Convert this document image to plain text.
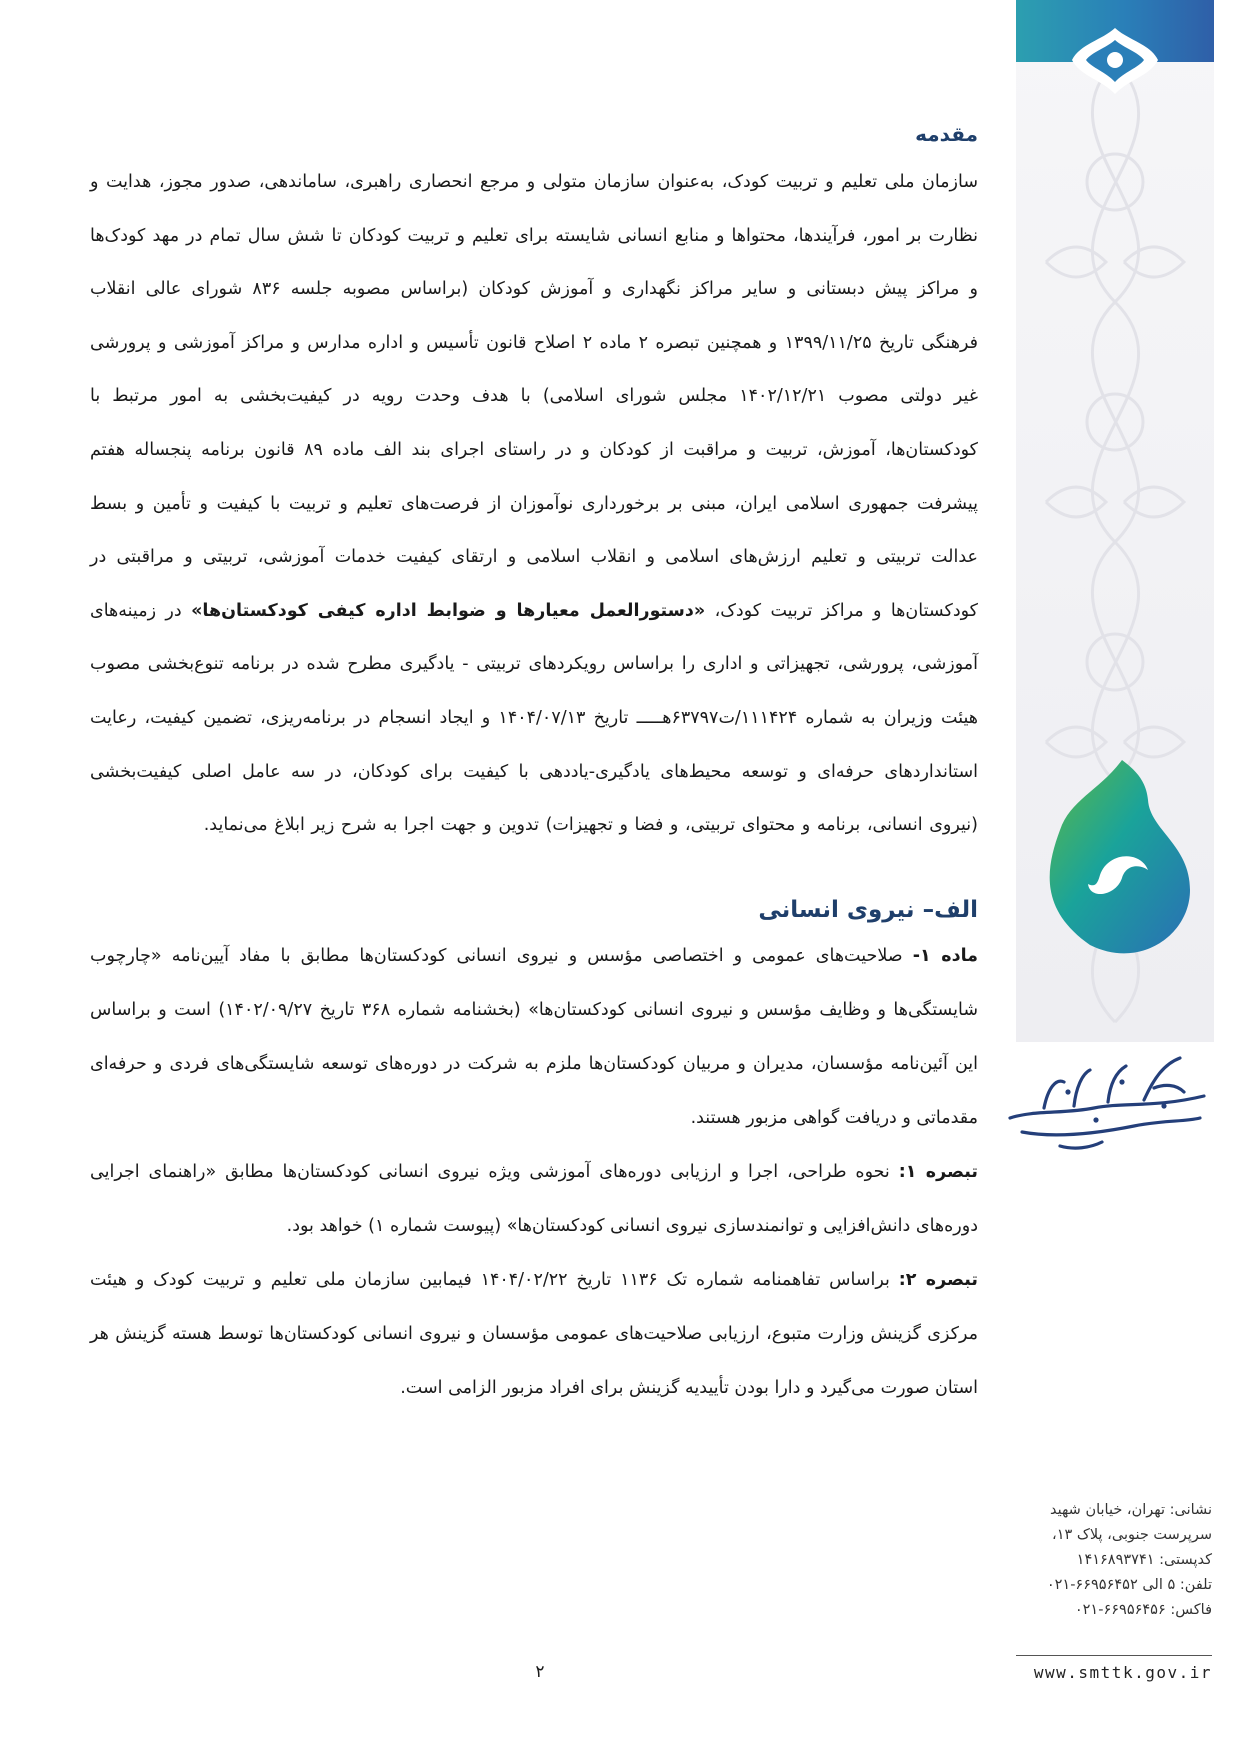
مقدمه

سازمان ملی تعلیم و تربیت کودک، به‌عنوان سازمان متولی و مرجع انحصاری راهبری، ساماندهی، صدور مجوز، هدایت و نظارت بر امور، فرآیندها، محتواها و منابع انسانی شایسته برای تعلیم و تربیت کودکان تا شش سال تمام در مهد کودک‌ها و مراکز پیش دبستانی و سایر مراکز نگهداری و آموزش کودکان (براساس مصوبه جلسه ۸۳۶ شورای عالی انقلاب فرهنگی تاریخ ۱۳۹۹/۱۱/۲۵ و همچنین تبصره ۲ ماده ۲ اصلاح قانون تأسیس و اداره مدارس و مراکز آموزشی و پرورشی غیر دولتی مصوب ۱۴۰۲/۱۲/۲۱ مجلس شورای اسلامی) با هدف وحدت رویه در کیفیت‌بخشی به امور مرتبط با کودکستان‌ها، آموزش، تربیت و مراقبت از کودکان و در راستای اجرای بند الف ماده ۸۹ قانون برنامه پنجساله هفتم پیشرفت جمهوری اسلامی ایران، مبنی بر برخورداری نوآموزان از فرصت‌های تعلیم و تربیت با کیفیت و تأمین و بسط عدالت تربیتی و تعلیم ارزش‌های اسلامی و انقلاب اسلامی و ارتقای کیفیت خدمات آموزشی، تربیتی و مراقبتی در کودکستان‌ها و مراکز تربیت کودک، «دستورالعمل معیارها و ضوابط اداره کیفی کودکستان‌ها» در زمینه‌های آموزشی، پرورشی، تجهیزاتی و اداری را براساس رویکردهای تربیتی - یادگیری مطرح شده در برنامه تنوع‌بخشی مصوب هیئت وزیران به شماره ۱۱۱۴۲۴/ت۶۳۷۹۷هـــــ تاریخ ۱۴۰۴/۰۷/۱۳ و ایجاد انسجام در برنامه‌ریزی، تضمین کیفیت، رعایت استانداردهای حرفه‌ای و توسعه محیط‌های یادگیری-یاددهی با کیفیت برای کودکان، در سه عامل اصلی کیفیت‌بخشی (نیروی انسانی، برنامه و محتوای تربیتی، و فضا و تجهیزات) تدوین و جهت اجرا به شرح زیر ابلاغ می‌نماید.

الف– نیروی انسانی

ماده ۱- صلاحیت‌های عمومی و اختصاصی مؤسس و نیروی انسانی کودکستان‌ها مطابق با مفاد آیین‌نامه «چارچوب شایستگی‌ها و وظایف مؤسس و نیروی انسانی کودکستان‌ها» (بخشنامه شماره ۳۶۸ تاریخ ۱۴۰۲/۰۹/۲۷) است و براساس این آئین‌نامه مؤسسان، مدیران و مربیان کودکستان‌ها ملزم به شرکت در دوره‌های توسعه شایستگی‌های فردی و حرفه‌ای مقدماتی و دریافت گواهی مزبور هستند.

تبصره ۱: نحوه طراحی، اجرا و ارزیابی دوره‌های آموزشی ویژه نیروی انسانی کودکستان‌ها مطابق «راهنمای اجرایی دوره‌های دانش‌افزایی و توانمندسازی نیروی انسانی کودکستان‌ها» (پیوست شماره ۱) خواهد بود.

تبصره ۲: براساس تفاهمنامه شماره تک ۱۱۳۶ تاریخ ۱۴۰۴/۰۲/۲۲ فیمابین سازمان ملی تعلیم و تربیت کودک و هیئت مرکزی گزینش وزارت متبوع، ارزیابی صلاحیت‌های عمومی مؤسسان و نیروی انسانی کودکستان‌ها توسط هسته گزینش هر استان صورت می‌گیرد و دارا بودن تأییدیه گزینش برای افراد مزبور الزامی است.

نشانی: تهران، خیابان شهید
سرپرست جنوبی، پلاک ۱۳،
کدپستی: ۱۴۱۶۸۹۳۷۴۱
تلفن: ۵ الی ۶۶۹۵۶۴۵۲-۰۲۱
فاکس: ۶۶۹۵۶۴۵۶-۰۲۱
www.smttk.gov.ir
۲
